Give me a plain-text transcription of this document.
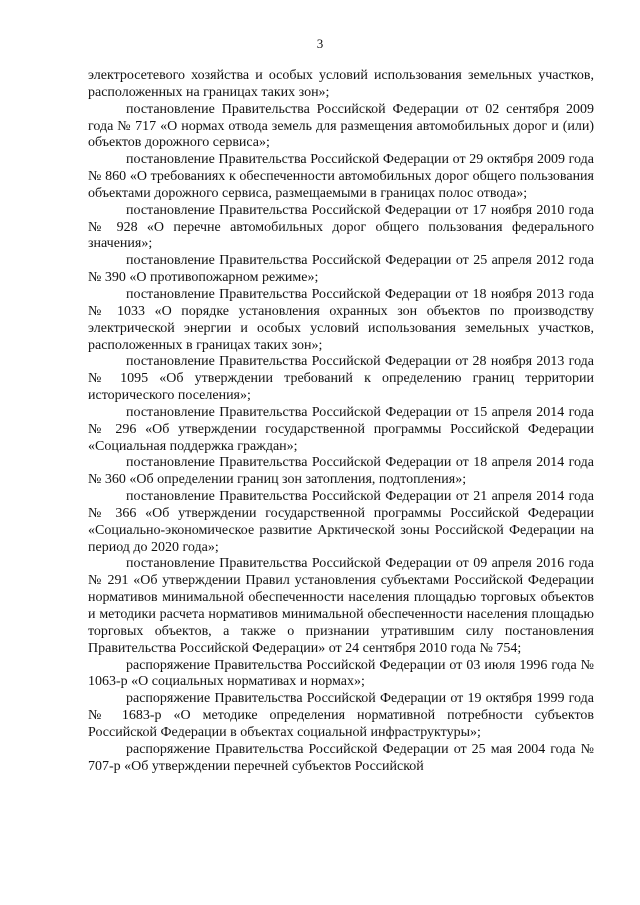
3

электросетевого хозяйства и особых условий использования земельных участков, расположенных на границах таких зон»;

постановление Правительства Российской Федерации от 02 сентября 2009 года № 717 «О нормах отвода земель для размещения автомобильных дорог и (или) объектов дорожного сервиса»;

постановление Правительства Российской Федерации от 29 октября 2009 года № 860 «О требованиях к обеспеченности автомобильных дорог общего пользования объектами дорожного сервиса, размещаемыми в границах полос отвода»;

постановление Правительства Российской Федерации от 17 ноября 2010 года № 928 «О перечне автомобильных дорог общего пользования федерального значения»;

постановление Правительства Российской Федерации от 25 апреля 2012 года № 390 «О противопожарном режиме»;

постановление Правительства Российской Федерации от 18 ноября 2013 года № 1033 «О порядке установления охранных зон объектов по производству электрической энергии и особых условий использования земельных участков, расположенных в границах таких зон»;

постановление Правительства Российской Федерации от 28 ноября 2013 года № 1095 «Об утверждении требований к определению границ территории исторического поселения»;

постановление Правительства Российской Федерации от 15 апреля 2014 года № 296 «Об утверждении государственной программы Российской Федерации «Социальная поддержка граждан»;

постановление Правительства Российской Федерации от 18 апреля 2014 года № 360 «Об определении границ зон затопления, подтопления»;

постановление Правительства Российской Федерации от 21 апреля 2014 года № 366 «Об утверждении государственной программы Российской Федерации «Социально-экономическое развитие Арктической зоны Российской Федерации на период до 2020 года»;

постановление Правительства Российской Федерации от 09 апреля 2016 года № 291 «Об утверждении Правил установления субъектами Российской Федерации нормативов минимальной обеспеченности населения площадью торговых объектов и методики расчета нормативов минимальной обеспеченности населения площадью торговых объектов, а также о признании утратившим силу постановления Правительства Российской Федерации» от 24 сентября 2010 года № 754;

распоряжение Правительства Российской Федерации от 03 июля 1996 года № 1063-р «О социальных нормативах и нормах»;

распоряжение Правительства Российской Федерации от 19 октября 1999 года № 1683-р «О методике определения нормативной потребности субъектов Российской Федерации в объектах социальной инфраструктуры»;

распоряжение Правительства Российской Федерации от 25 мая 2004 года № 707-р «Об утверждении перечней субъектов Российской
